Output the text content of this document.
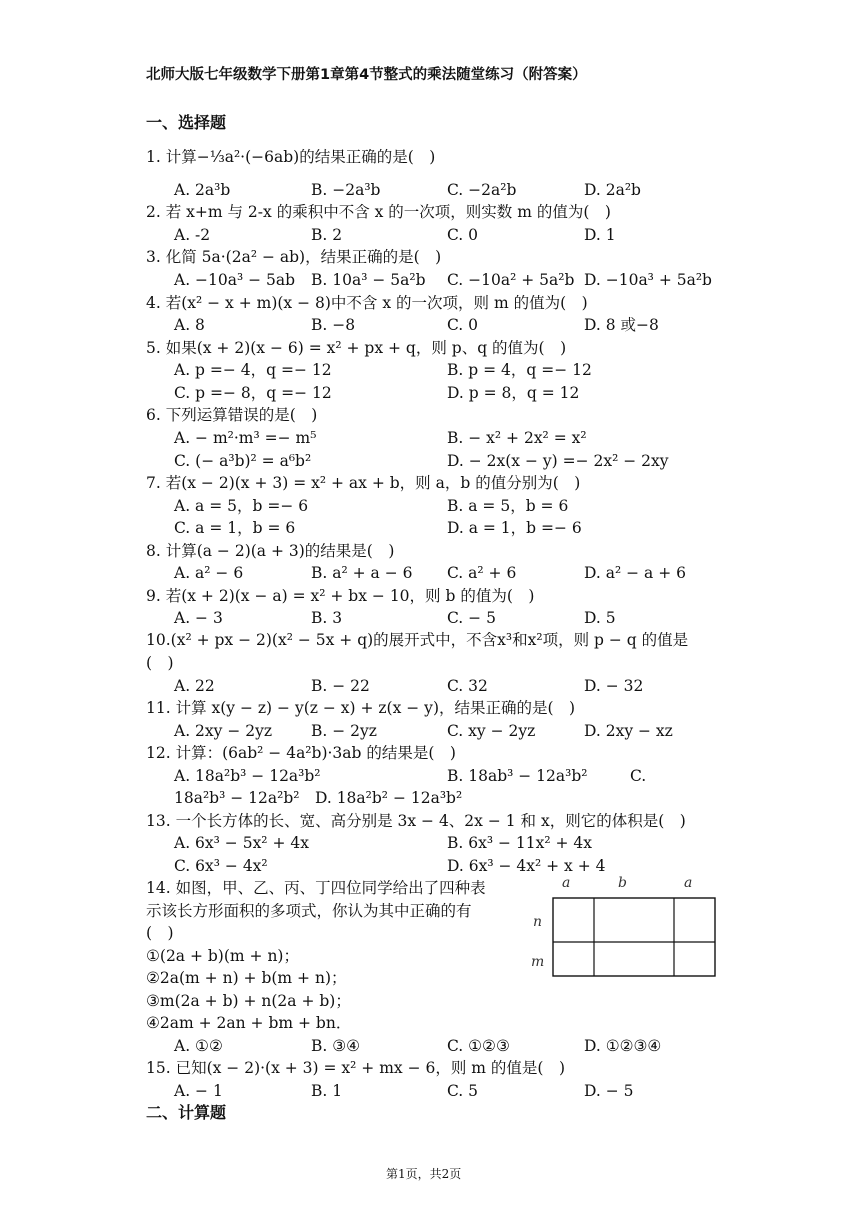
北师大版七年级数学下册第1章第4节整式的乘法随堂练习（附答案）
一、选择题
1. 计算−⅓a²·(−6ab)的结果正确的是(　)
A. 2a³b	B. −2a³b	C. −2a²b	D. 2a²b
2. 若 x+m 与 2-x 的乘积中不含 x 的一次项，则实数 m 的值为(　)
A. -2	B. 2	C. 0	D. 1
3. 化简 5a·(2a² − ab)，结果正确的是(　)
A. −10a³ − 5ab B. 10a³ − 5a²b C. −10a² + 5a²b D. −10a³ + 5a²b
4. 若(x² − x + m)(x − 8)中不含 x 的一次项，则 m 的值为(　)
A. 8	B. −8	C. 0	D. 8 或−8
5. 如果(x + 2)(x − 6) = x² + px + q，则 p、q 的值为(　)
A. p =− 4，q =− 12	B. p = 4，q =− 12
C. p =− 8，q =− 12	D. p = 8，q = 12
6. 下列运算错误的是(　)
A. − m²·m³ =− m⁵	B. − x² + 2x² = x²
C. (− a³b)² = a⁶b²	D. − 2x(x − y) =− 2x² − 2xy
7. 若(x − 2)(x + 3) = x² + ax + b，则 a，b 的值分别为(　)
A. a = 5，b =− 6	B. a = 5，b = 6
C. a = 1，b = 6	D. a = 1，b =− 6
8. 计算(a − 2)(a + 3)的结果是(　)
A. a² − 6	B. a² + a − 6 C. a² + 6	D. a² − a + 6
9. 若(x + 2)(x − a) = x² + bx − 10，则 b 的值为(　)
A. − 3	B. 3	C. − 5	D. 5
10.(x² + px − 2)(x² − 5x + q)的展开式中，不含x³和x²项，则 p − q 的值是
(　)
A. 22	B. − 22	C. 32	D. − 32
11. 计算 x(y − z) − y(z − x) + z(x − y)，结果正确的是(　)
A. 2xy − 2yz	B. − 2yz	C. xy − 2yz	D. 2xy − xz
12. 计算：(6ab² − 4a²b)·3ab 的结果是(　)
A. 18a²b³ − 12a³b²	B. 18ab³ − 12a³b²	C.
18a²b³ − 12a²b²　D. 18a²b² − 12a³b²
13. 一个长方体的长、宽、高分别是 3x − 4、2x − 1 和 x，则它的体积是(　)
A. 6x³ − 5x² + 4x	B. 6x³ − 11x² + 4x
C. 6x³ − 4x²	D. 6x³ − 4x² + x + 4
14. 如图，甲、乙、丙、丁四位同学给出了四种表
示该长方形面积的多项式，你认为其中正确的有
(　)
①(2a + b)(m + n)；
②2a(m + n) + b(m + n)；
③m(2a + b) + n(2a + b)；
④2am + 2an + bm + bn．
A. ①②	B. ③④	C. ①②③	D. ①②③④
15. 已知(x − 2)·(x + 3) = x² + mx − 6，则 m 的值是(　)
A. − 1	B. 1	C. 5	D. − 5
二、计算题
a	b	a
n
m
第1页，共2页
